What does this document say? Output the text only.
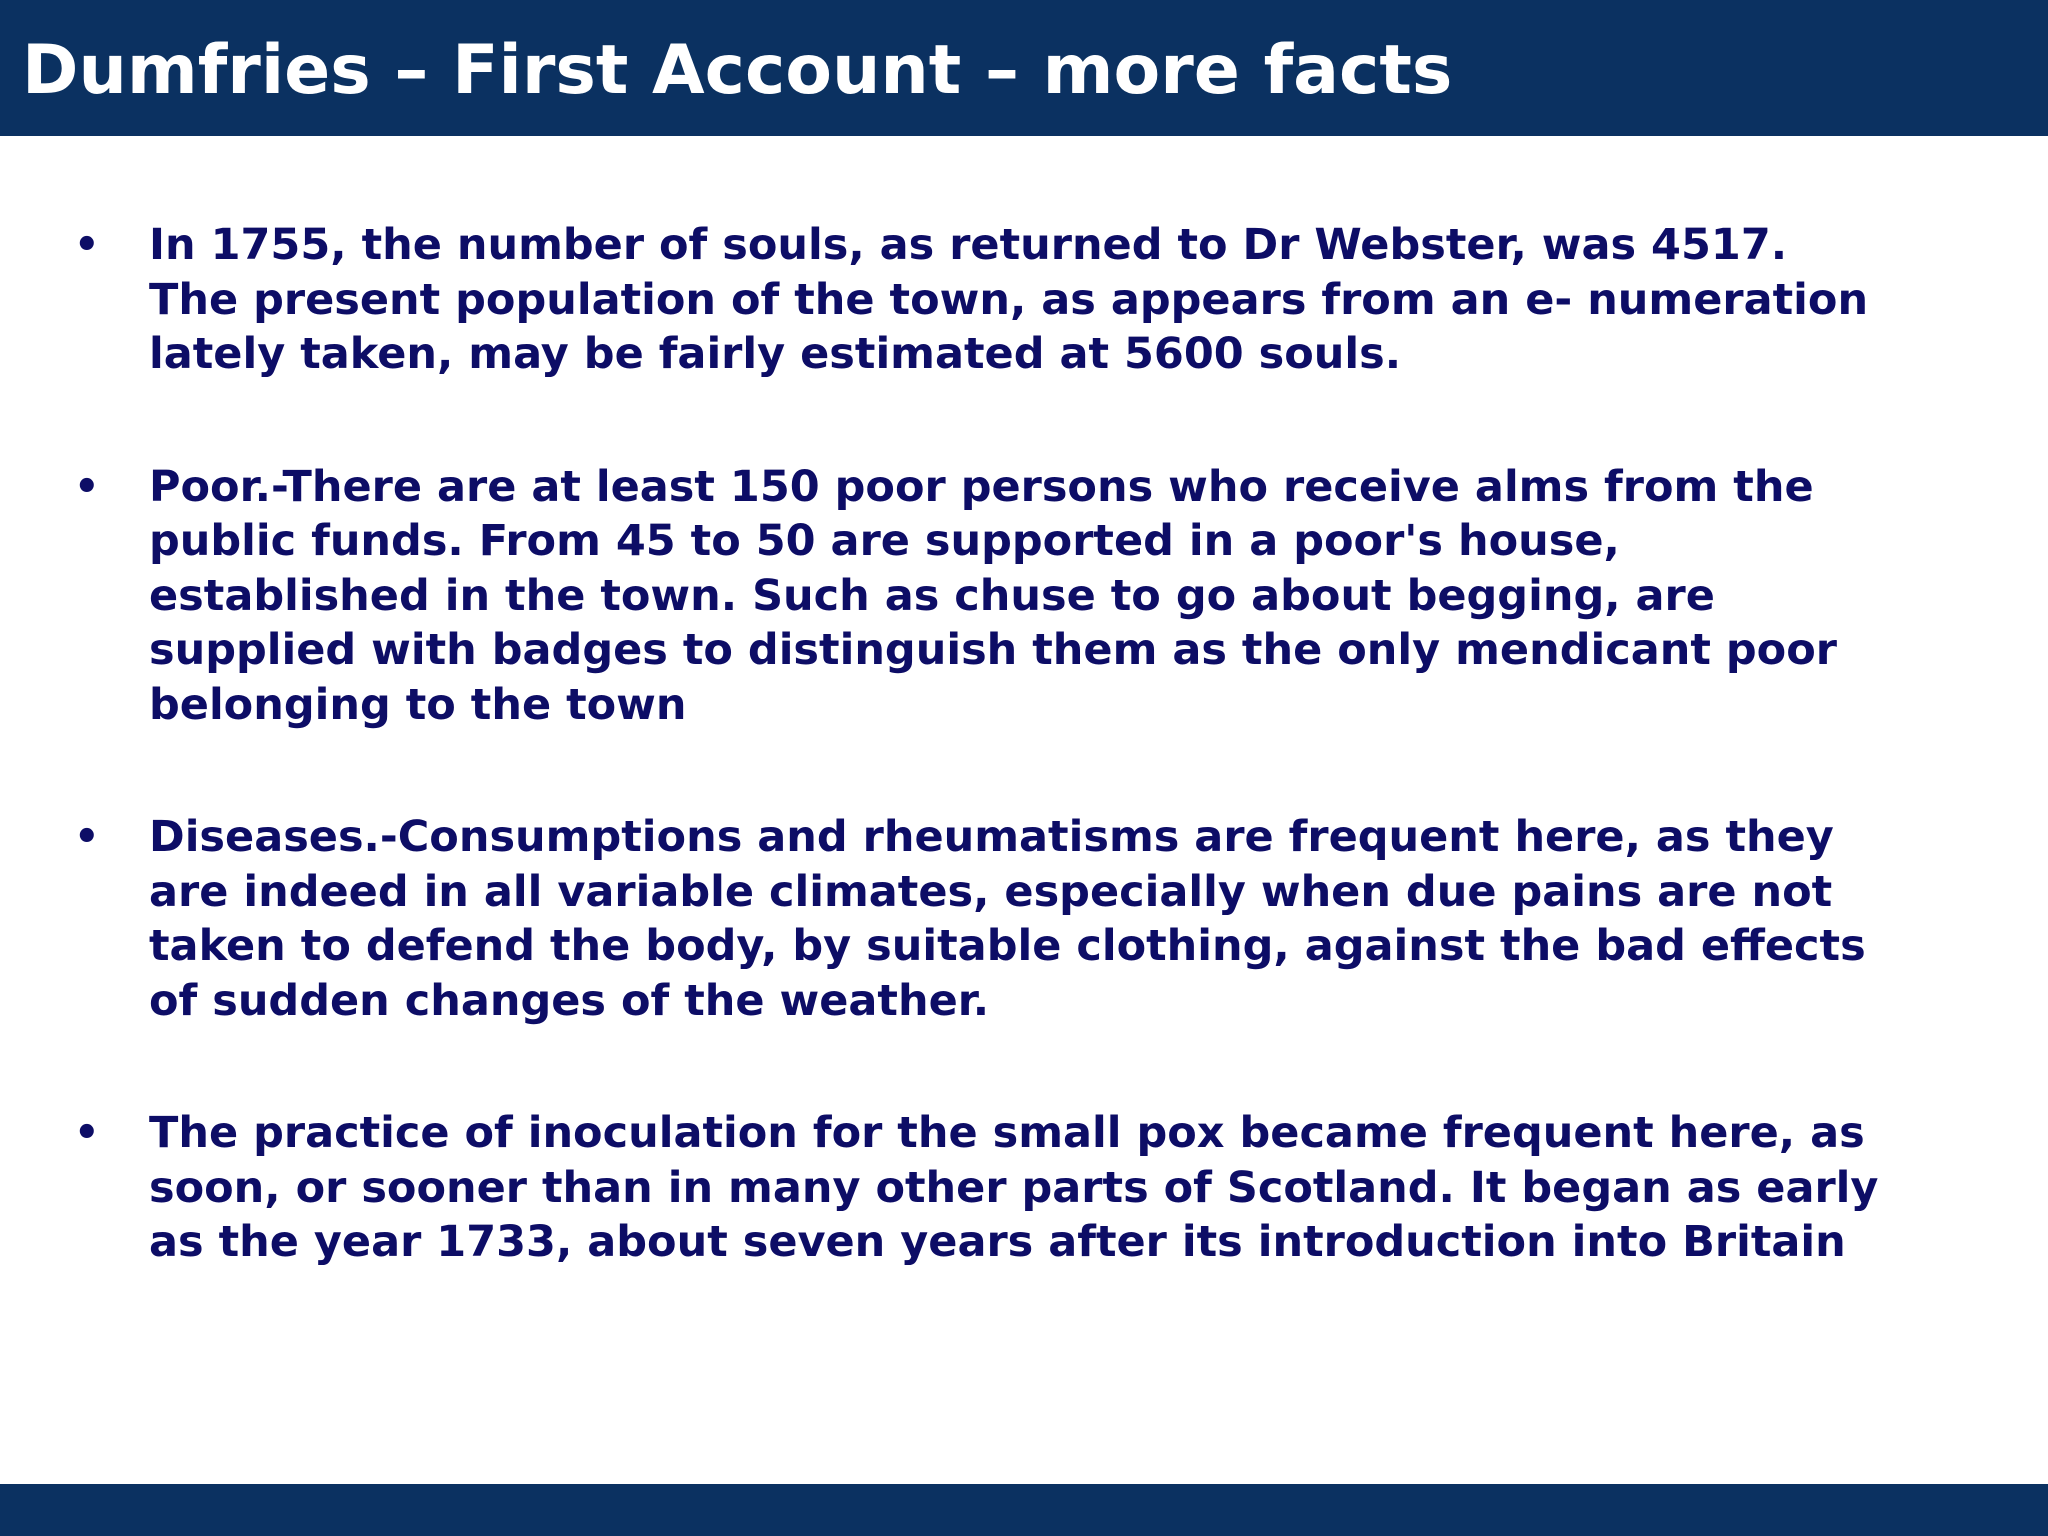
Dumfries – First Account – more facts
• In 1755, the number of souls, as returned to Dr Webster, was 4517.
The present population of the town, as appears from an e- numeration
lately taken, may be fairly estimated at 5600 souls.
• Poor.-There are at least 150 poor persons who receive alms from the
public funds. From 45 to 50 are supported in a poor's house,
established in the town. Such as chuse to go about begging, are
supplied with badges to distinguish them as the only mendicant poor
belonging to the town
• Diseases.-Consumptions and rheumatisms are frequent here, as they
are indeed in all variable climates, especially when due pains are not
taken to defend the body, by suitable clothing, against the bad effects
of sudden changes of the weather.
• The practice of inoculation for the small pox became frequent here, as
soon, or sooner than in many other parts of Scotland. It began as early
as the year 1733, about seven years after its introduction into Britain
